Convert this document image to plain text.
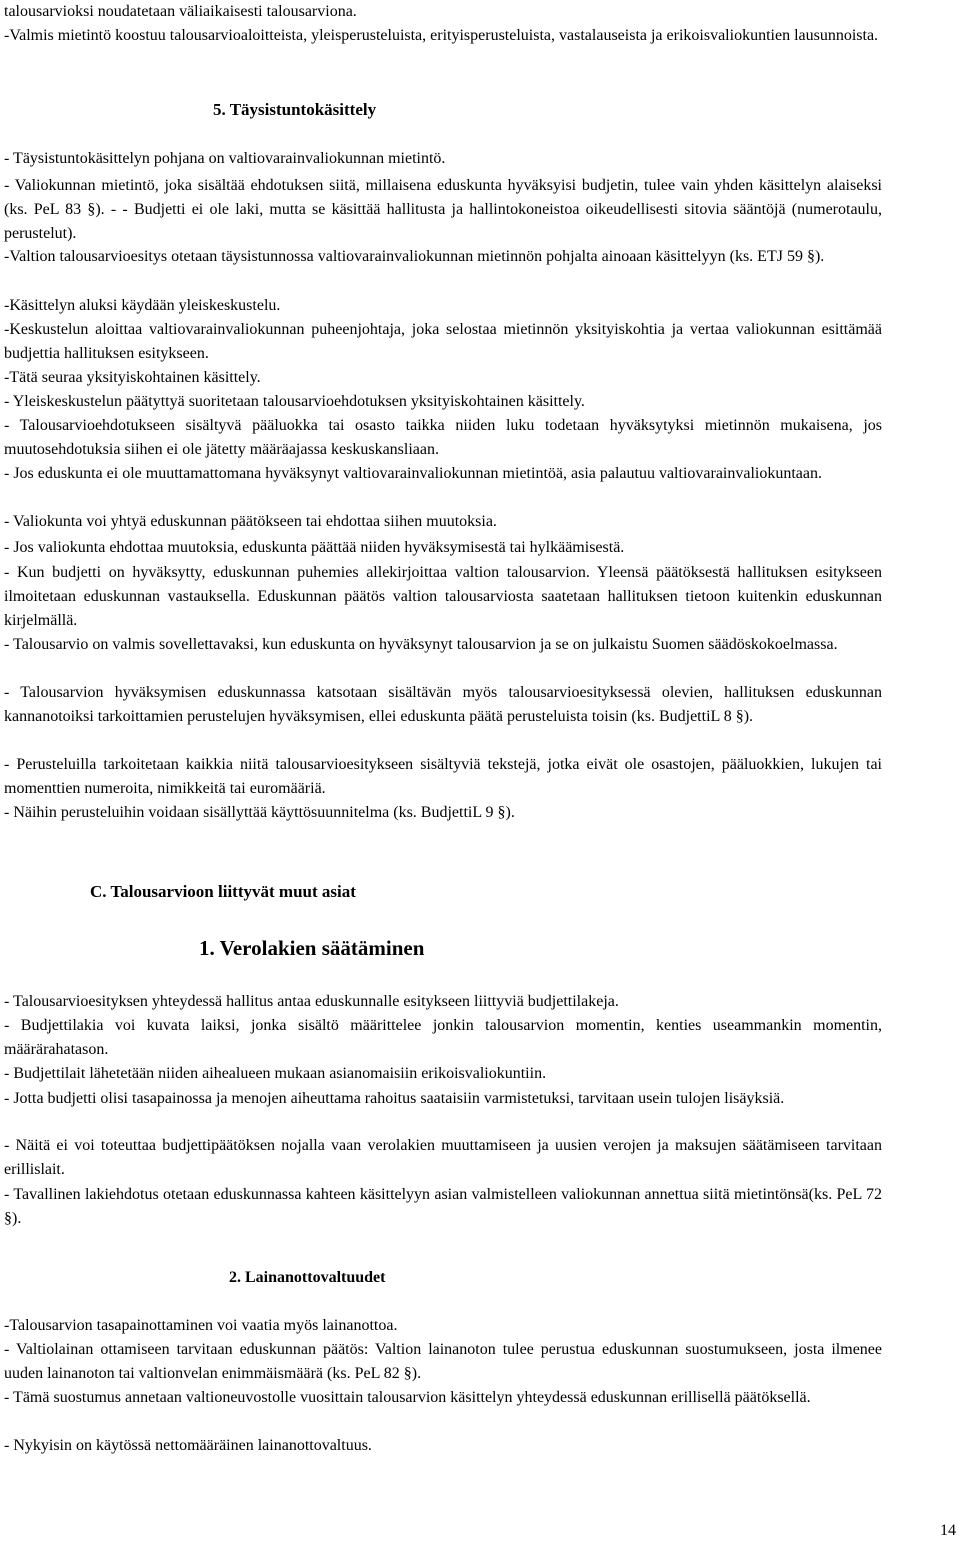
talousarvioksi noudatetaan väliaikaisesti talousarviona.

-Valmis mietintö koostuu talousarvioaloitteista, yleisperusteluista, erityisperusteluista, vastalauseista ja erikoisvaliokuntien lausunnoista.

5. Täysistuntokäsittely

- Täysistuntokäsittelyn pohjana on valtiovarainvaliokunnan mietintö.

- Valiokunnan mietintö, joka sisältää ehdotuksen siitä, millaisena eduskunta hyväksyisi budjetin, tulee vain yhden käsittelyn alaiseksi (ks. PeL 83 §). - - Budjetti ei ole laki, mutta se käsittää hallitusta ja hallintokoneistoa oikeudellisesti sitovia sääntöjä (numerotaulu, perustelut).

-Valtion talousarvioesitys otetaan täysistunnossa valtiovarainvaliokunnan mietinnön pohjalta ainoaan käsittelyyn (ks. ETJ 59 §).

-Käsittelyn aluksi käydään yleiskeskustelu.

-Keskustelun aloittaa valtiovarainvaliokunnan puheenjohtaja, joka selostaa mietinnön yksityiskohtia ja vertaa valiokunnan esittämää budjettia hallituksen esitykseen.

-Tätä seuraa yksityiskohtainen käsittely.

- Yleiskeskustelun päätyttyä suoritetaan talousarvioehdotuksen yksityiskohtainen käsittely.

- Talousarvioehdotukseen sisältyvä pääluokka tai osasto taikka niiden luku todetaan hyväksytyksi mietinnön mukaisena, jos muutosehdotuksia siihen ei ole jätetty määräajassa keskuskansliaan.

- Jos eduskunta ei ole muuttamattomana hyväksynyt valtiovarainvaliokunnan mietintöä, asia palautuu valtiovarainvaliokuntaan.

- Valiokunta voi yhtyä eduskunnan päätökseen tai ehdottaa siihen muutoksia.

- Jos valiokunta ehdottaa muutoksia, eduskunta päättää niiden hyväksymisestä tai hylkäämisestä.

- Kun budjetti on hyväksytty, eduskunnan puhemies allekirjoittaa valtion talousarvion. Yleensä päätöksestä hallituksen esitykseen ilmoitetaan eduskunnan vastauksella. Eduskunnan päätös valtion talousarviosta saatetaan hallituksen tietoon kuitenkin eduskunnan kirjelmällä.

- Talousarvio on valmis sovellettavaksi, kun eduskunta on hyväksynyt talousarvion ja se on julkaistu Suomen säädöskokoelmassa.

- Talousarvion hyväksymisen eduskunnassa katsotaan sisältävän myös talousarvioesityksessä olevien, hallituksen eduskunnan kannanotoiksi tarkoittamien perustelujen hyväksymisen, ellei eduskunta päätä perusteluista toisin (ks. BudjettiL 8 §).

- Perusteluilla tarkoitetaan kaikkia niitä talousarvioesitykseen sisältyviä tekstejä, jotka eivät ole osastojen, pääluokkien, lukujen tai momenttien numeroita, nimikkeitä tai euromääriä.

- Näihin perusteluihin voidaan sisällyttää käyttösuunnitelma (ks. BudjettiL 9 §).

C. Talousarvioon liittyvät muut asiat
1. Verolakien säätäminen

- Talousarvioesityksen yhteydessä hallitus antaa eduskunnalle esitykseen liittyviä budjettilakeja.

- Budjettilakia voi kuvata laiksi, jonka sisältö määrittelee jonkin talousarvion momentin, kenties useammankin momentin, määrärahatason.

- Budjettilait lähetetään niiden aihealueen mukaan asianomaisiin erikoisvaliokuntiin.

- Jotta budjetti olisi tasapainossa ja menojen aiheuttama rahoitus saataisiin varmistetuksi, tarvitaan usein tulojen lisäyksiä.

- Näitä ei voi toteuttaa budjettipäätöksen nojalla vaan verolakien muuttamiseen ja uusien verojen ja maksujen säätämiseen tarvitaan erillislait.

- Tavallinen lakiehdotus otetaan eduskunnassa kahteen käsittelyyn asian valmistelleen valiokunnan annettua siitä mietintönsä(ks. PeL 72 §).

2. Lainanottovaltuudet

-Talousarvion tasapainottaminen voi vaatia myös lainanottoa.

- Valtiolainan ottamiseen tarvitaan eduskunnan päätös: Valtion lainanoton tulee perustua eduskunnan suostumukseen, josta ilmenee uuden lainanoton tai valtionvelan enimmäismäärä (ks. PeL 82 §).

- Tämä suostumus annetaan valtioneuvostolle vuosittain talousarvion käsittelyn yhteydessä eduskunnan erillisellä päätöksellä.

- Nykyisin on käytössä nettomääräinen lainanottovaltuus.

14
